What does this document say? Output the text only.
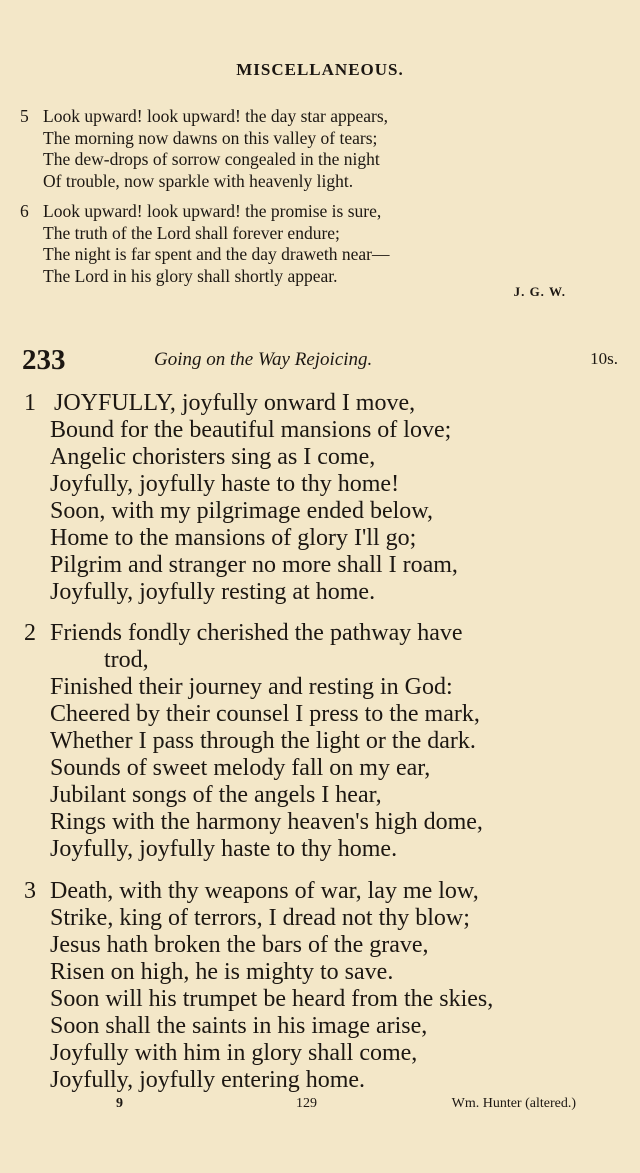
MISCELLANEOUS.
5 Look upward! look upward! the day star appears,
The morning now dawns on this valley of tears;
The dew-drops of sorrow congealed in the night
Of trouble, now sparkle with heavenly light.
6 Look upward! look upward! the promise is sure,
The truth of the Lord shall forever endure;
The night is far spent and the day draweth near—
The Lord in his glory shall shortly appear.
J. G. W.
233	Going on the Way Rejoicing.	10s.
1 JOYFULLY, joyfully onward I move,
Bound for the beautiful mansions of love;
Angelic choristers sing as I come,
Joyfully, joyfully haste to thy home!
Soon, with my pilgrimage ended below,
Home to the mansions of glory I'll go;
Pilgrim and stranger no more shall I roam,
Joyfully, joyfully resting at home.
2 Friends fondly cherished the pathway have
trod,
Finished their journey and resting in God:
Cheered by their counsel I press to the mark,
Whether I pass through the light or the dark.
Sounds of sweet melody fall on my ear,
Jubilant songs of the angels I hear,
Rings with the harmony heaven's high dome,
Joyfully, joyfully haste to thy home.
3 Death, with thy weapons of war, lay me low,
Strike, king of terrors, I dread not thy blow;
Jesus hath broken the bars of the grave,
Risen on high, he is mighty to save.
Soon will his trumpet be heard from the skies,
Soon shall the saints in his image arise,
Joyfully with him in glory shall come,
Joyfully, joyfully entering home.
9	129	Wm. Hunter (altered.)
